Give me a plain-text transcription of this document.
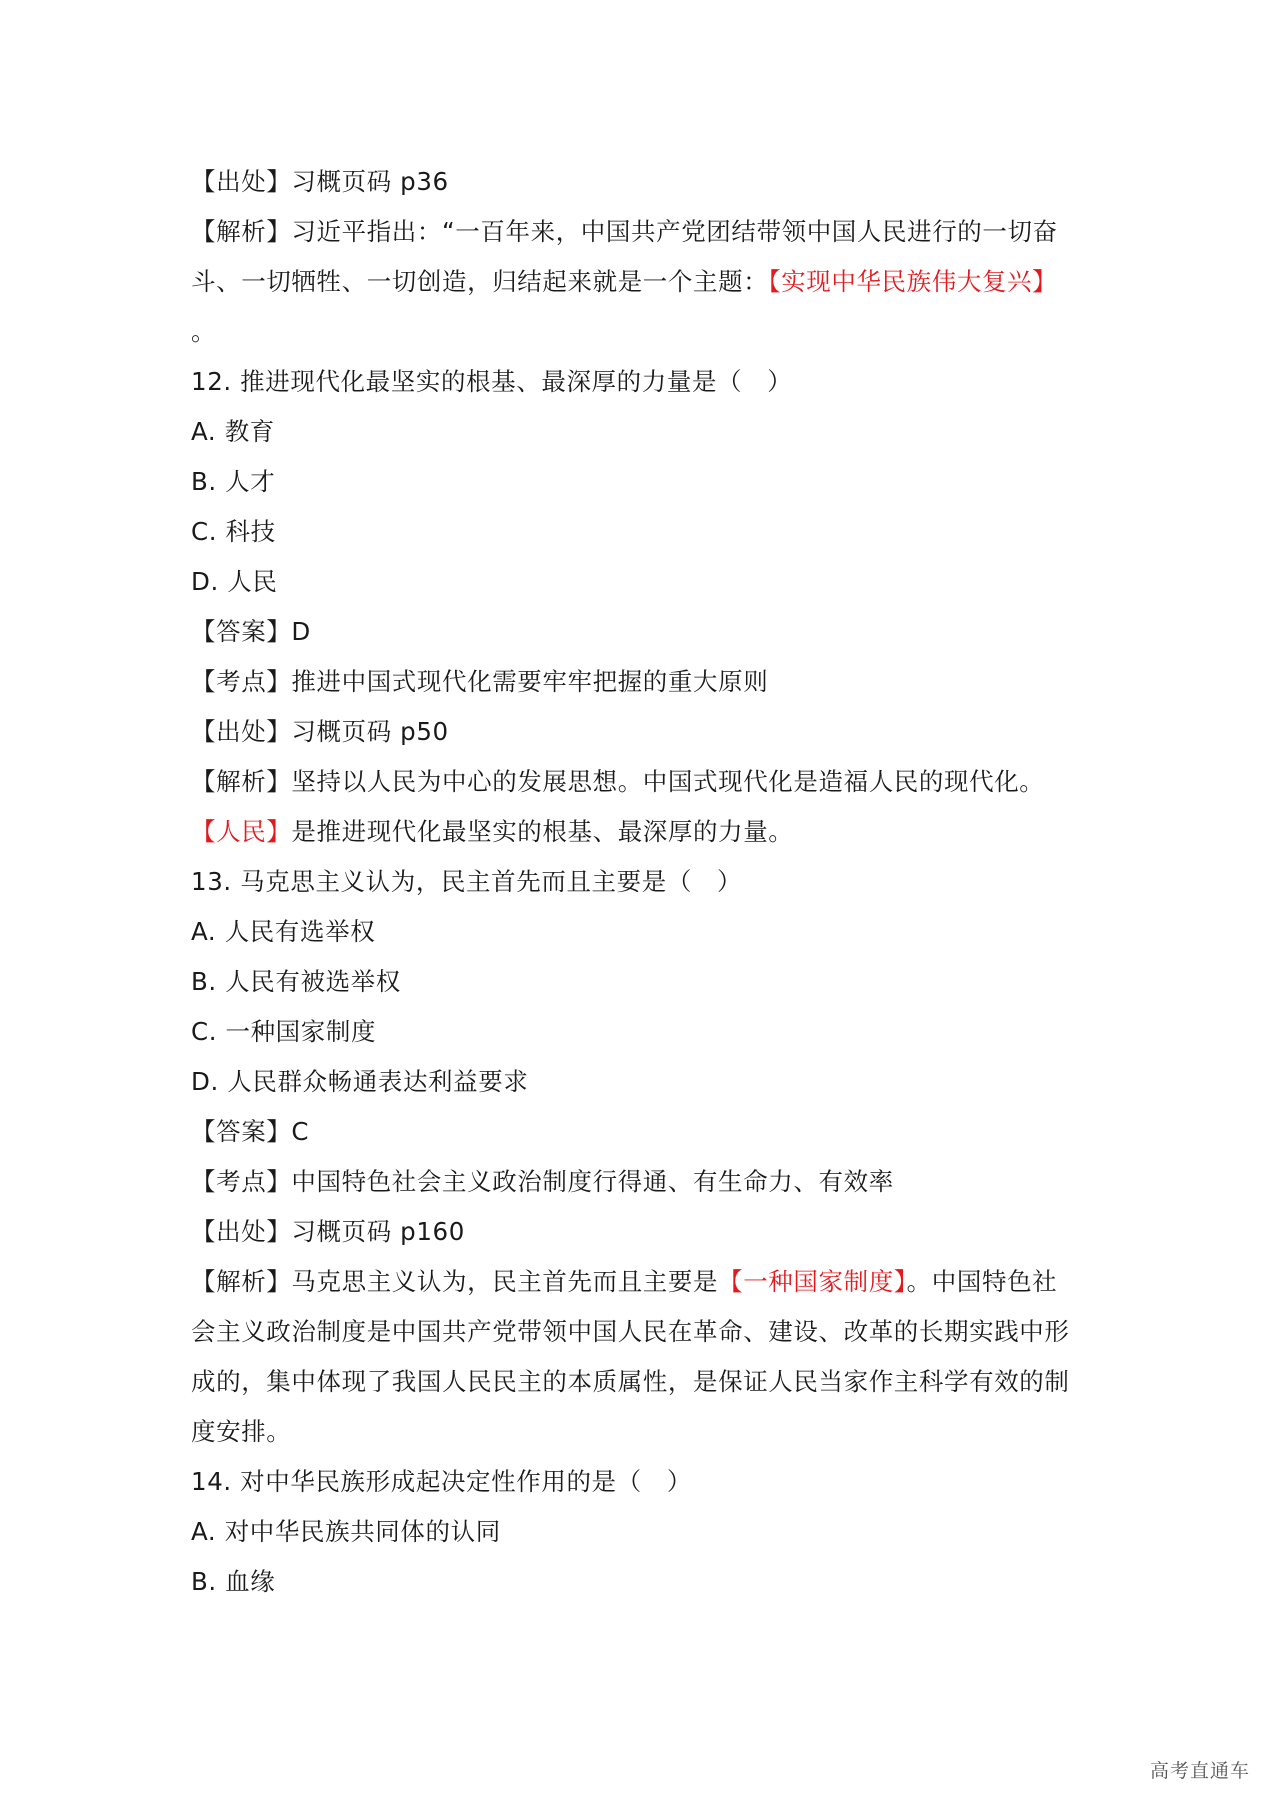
【出处】习概页码 p36
【解析】习近平指出：“一百年来，中国共产党团结带领中国人民进行的一切奋
斗、一切牺牲、一切创造，归结起来就是一个主题：【实现中华民族伟大复兴】
。
12. 推进现代化最坚实的根基、最深厚的力量是（　）
A. 教育
B. 人才
C. 科技
D. 人民
【答案】D
【考点】推进中国式现代化需要牢牢把握的重大原则
【出处】习概页码 p50
【解析】坚持以人民为中心的发展思想。中国式现代化是造福人民的现代化。
【人民】是推进现代化最坚实的根基、最深厚的力量。
13. 马克思主义认为，民主首先而且主要是（　）
A. 人民有选举权
B. 人民有被选举权
C. 一种国家制度
D. 人民群众畅通表达利益要求
【答案】C
【考点】中国特色社会主义政治制度行得通、有生命力、有效率
【出处】习概页码 p160
【解析】马克思主义认为，民主首先而且主要是【一种国家制度】。中国特色社
会主义政治制度是中国共产党带领中国人民在革命、建设、改革的长期实践中形
成的，集中体现了我国人民民主的本质属性，是保证人民当家作主科学有效的制
度安排。
14. 对中华民族形成起决定性作用的是（　）
A. 对中华民族共同体的认同
B. 血缘
高考直通车
